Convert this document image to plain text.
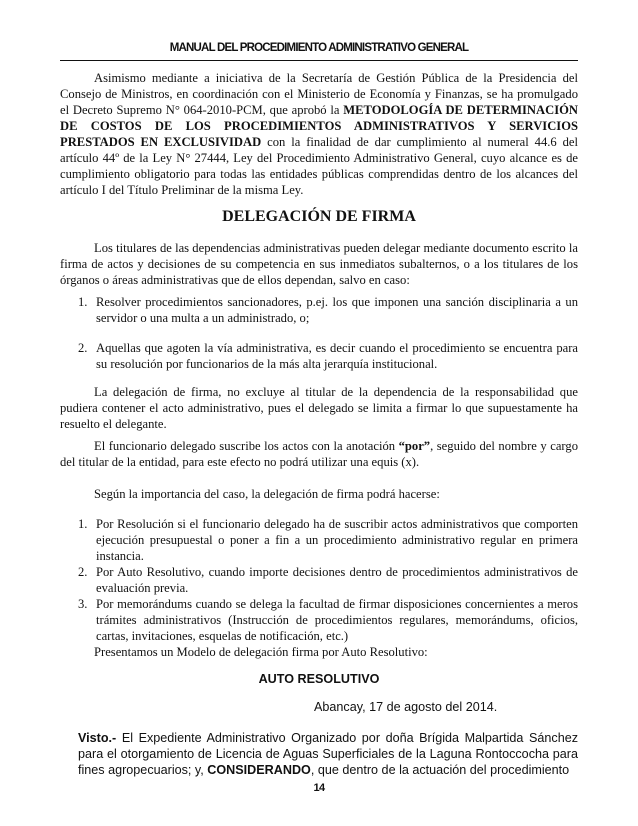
MANUAL DEL PROCEDIMIENTO ADMINISTRATIVO GENERAL

Asimismo mediante a iniciativa de la Secretaría de Gestión Pública de la Presidencia del Consejo de Ministros, en coordinación con el Ministerio de Economía y Finanzas, se ha promulgado el Decreto Supremo N° 064-2010-PCM, que aprobó la METODOLOGÍA DE DETERMINACIÓN DE COSTOS DE LOS PROCEDIMIENTOS ADMINISTRATIVOS Y SERVICIOS PRESTADOS EN EXCLUSIVIDAD con la finalidad de dar cumplimiento al numeral 44.6 del artículo 44º de la Ley N° 27444, Ley del Procedimiento Administrativo General, cuyo alcance es de cumplimiento obligatorio para todas las entidades públicas comprendidas dentro de los alcances del artículo I del Título Preliminar de la misma Ley.

DELEGACIÓN DE FIRMA

Los titulares de las dependencias administrativas pueden delegar mediante documento escrito la firma de actos y decisiones de su competencia en sus inmediatos subalternos, o a los titulares de los órganos o áreas administrativas que de ellos dependan, salvo en caso:

1. Resolver procedimientos sancionadores, p.ej. los que imponen una sanción disciplinaria a un servidor o una multa a un administrado, o;
2. Aquellas que agoten la vía administrativa, es decir cuando el procedimiento se encuentra para su resolución por funcionarios de la más alta jerarquía institucional.

La delegación de firma, no excluye al titular de la dependencia de la responsabilidad que pudiera contener el acto administrativo, pues el delegado se limita a firmar lo que supuestamente ha resuelto el delegante.

El funcionario delegado suscribe los actos con la anotación “por”, seguido del nombre y cargo del titular de la entidad, para este efecto no podrá utilizar una equis (x).

Según la importancia del caso, la delegación de firma podrá hacerse:

1. Por Resolución si el funcionario delegado ha de suscribir actos administrativos que comporten ejecución presupuestal o poner a fin a un procedimiento administrativo regular en primera instancia.
2. Por Auto Resolutivo, cuando importe decisiones dentro de procedimientos administrativos de evaluación previa.
3. Por memorándums cuando se delega la facultad de firmar disposiciones concernientes a meros trámites administrativos (Instrucción de procedimientos regulares, memorándums, oficios, cartas, invitaciones, esquelas de notificación, etc.)

Presentamos un Modelo de delegación firma por Auto Resolutivo:

AUTO RESOLUTIVO
Abancay, 17 de agosto del 2014.

Visto.- El Expediente Administrativo Organizado por doña Brígida Malpartida Sánchez para el otorgamiento de Licencia de Aguas Superficiales de la Laguna Rontoccocha para fines agropecuarios; y, CONSIDERANDO, que dentro de la actuación del procedimiento

14
